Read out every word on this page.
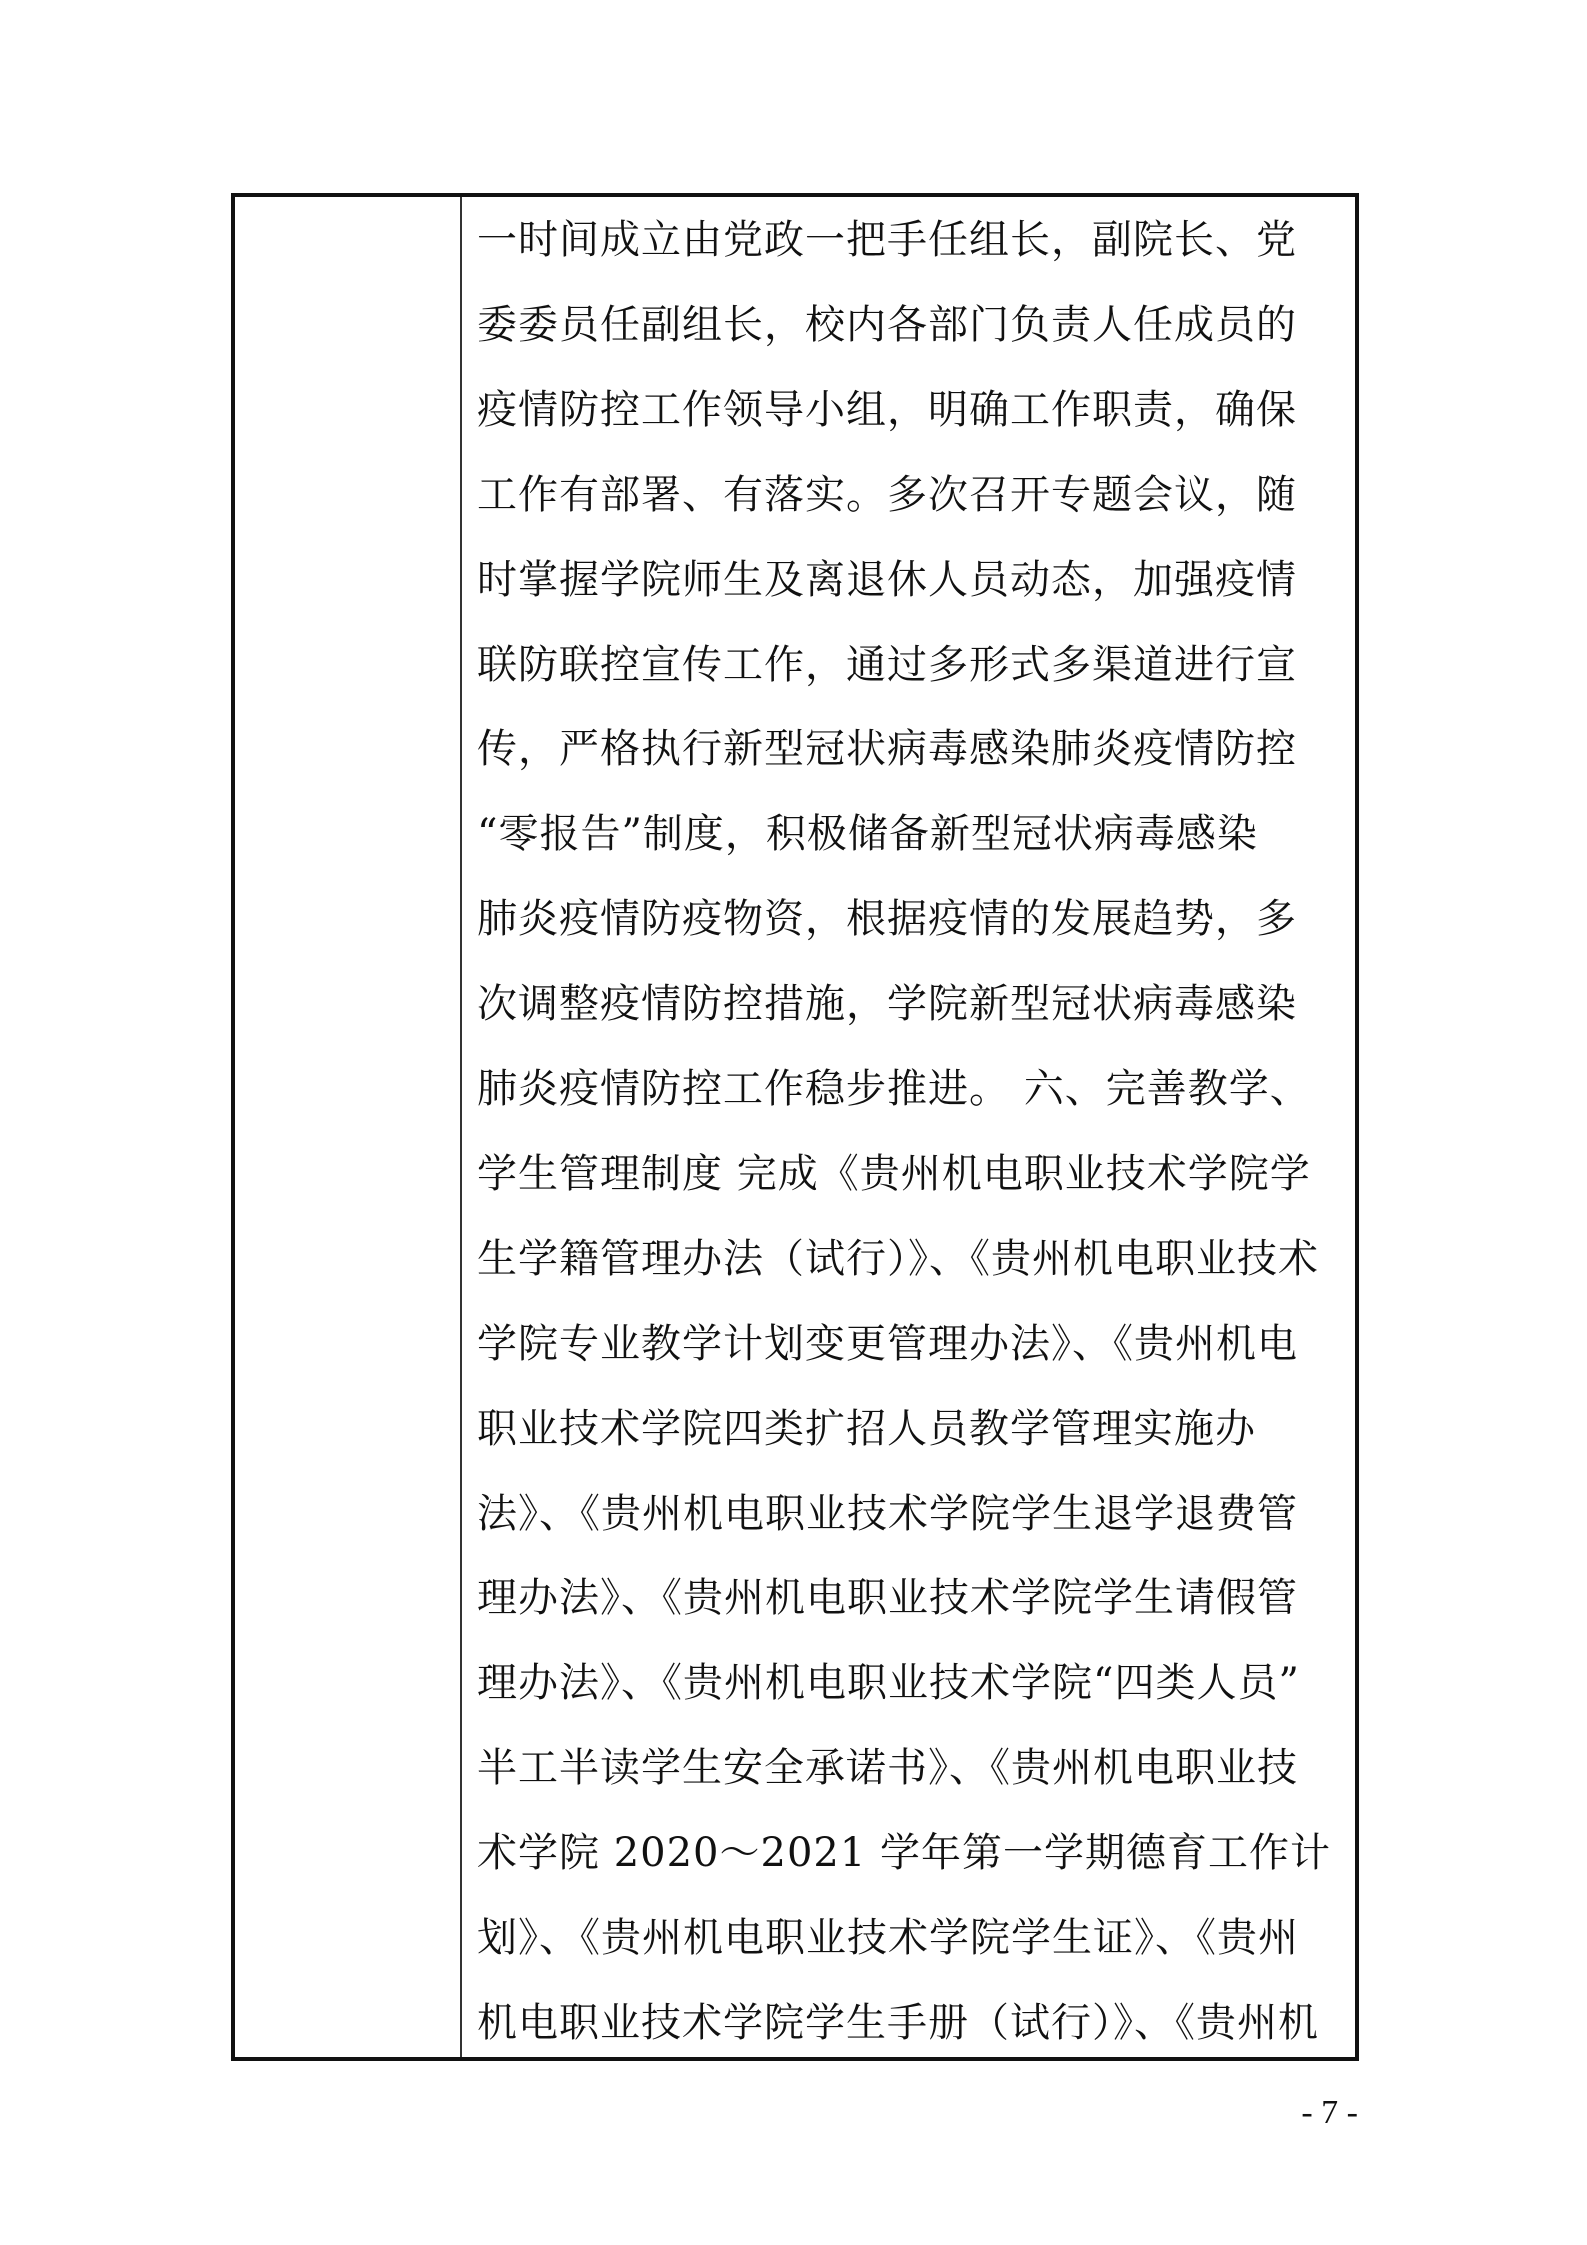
一时间成立由党政一把手任组长，副院长、党
委委员任副组长，校内各部门负责人任成员的
疫情防控工作领导小组，明确工作职责，确保
工作有部署、有落实。多次召开专题会议，随
时掌握学院师生及离退休人员动态，加强疫情
联防联控宣传工作，通过多形式多渠道进行宣
传，严格执行新型冠状病毒感染肺炎疫情防控
“零报告”制度，积极储备新型冠状病毒感染
肺炎疫情防疫物资，根据疫情的发展趋势，多
次调整疫情防控措施，学院新型冠状病毒感染
肺炎疫情防控工作稳步推进。 六、完善教学、
学生管理制度 完成《贵州机电职业技术学院学
生学籍管理办法（试行）》、《贵州机电职业技术
学院专业教学计划变更管理办法》、《贵州机电
职业技术学院四类扩招人员教学管理实施办
法》、《贵州机电职业技术学院学生退学退费管
理办法》、《贵州机电职业技术学院学生请假管
理办法》、《贵州机电职业技术学院“四类人员”
半工半读学生安全承诺书》、《贵州机电职业技
术学院 2020～2021 学年第一学期德育工作计
划》、《贵州机电职业技术学院学生证》、《贵州
机电职业技术学院学生手册（试行）》、《贵州机
- 7 -
